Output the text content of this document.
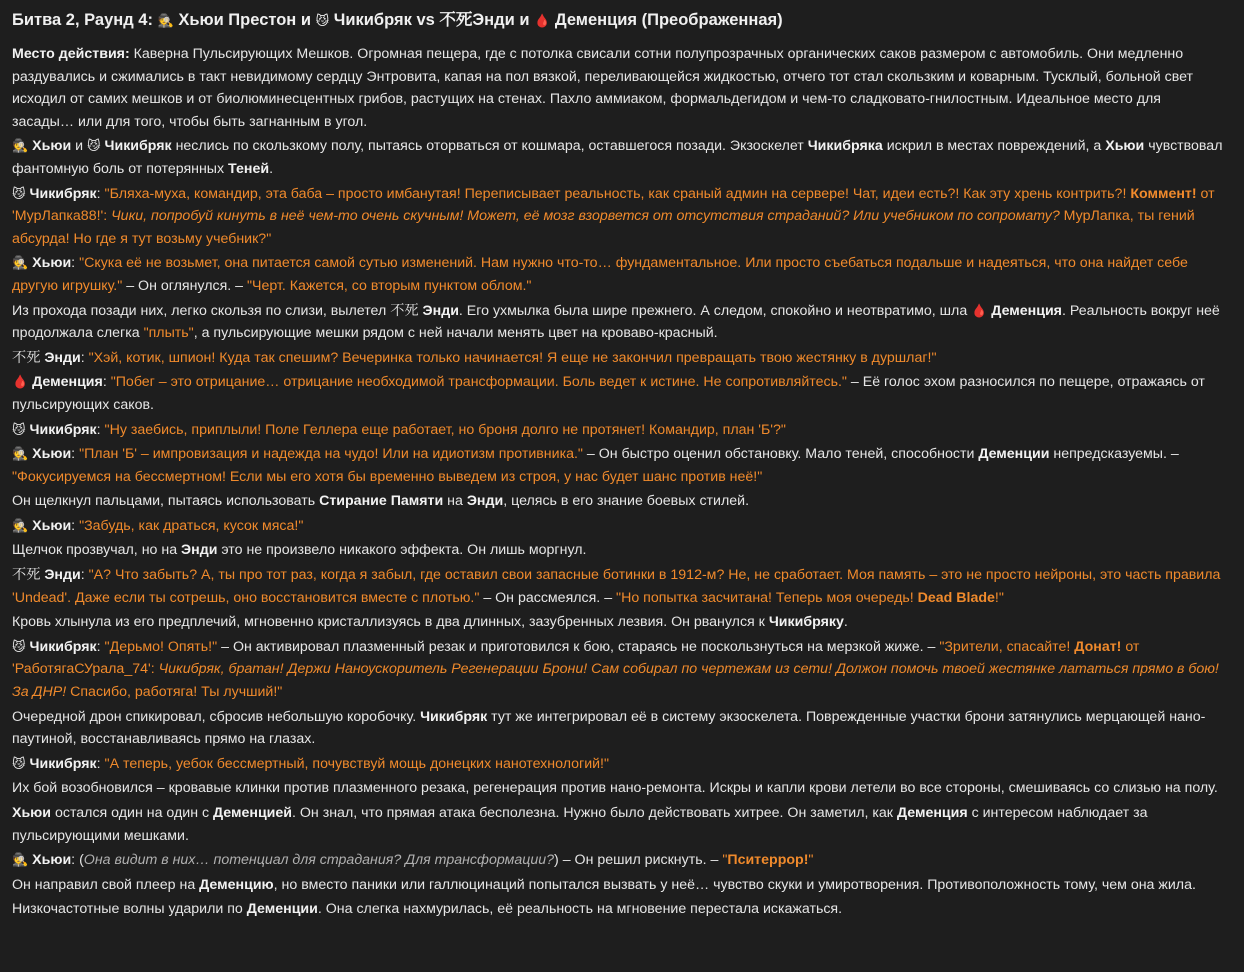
Битва 2, Раунд 4: 🕵 Хьюи Престон и 😼 Чикибряк vs 不死Энди и 🩸 Деменция (Преображенная)

Место действия: Каверна Пульсирующих Мешков. Огромная пещера, где с потолка свисали сотни полупрозрачных органических саков размером с автомобиль. Они медленно раздувались и сжимались в такт невидимому сердцу Энтровита, капая на пол вязкой, переливающейся жидкостью, отчего тот стал скользким и коварным. Тусклый, больной свет исходил от самих мешков и от биолюминесцентных грибов, растущих на стенах. Пахло аммиаком, формальдегидом и чем-то сладковато-гнилостным. Идеальное место для засады… или для того, чтобы быть загнанным в угол.

🕵 Хьюи и 😼 Чикибряк неслись по скользкому полу, пытаясь оторваться от кошмара, оставшегося позади. Экзоскелет Чикибряка искрил в местах повреждений, а Хьюи чувствовал фантомную боль от потерянных Теней.

😼 Чикибряк: "Бляха-муха, командир, эта баба – просто имбанутая! Переписывает реальность, как сраный админ на сервере! Чат, идеи есть?! Как эту хрень контрить?! Коммент! от 'МурЛапка88!': Чики, попробуй кинуть в неё чем-то очень скучным! Может, её мозг взорвется от отсутствия страданий? Или учебником по сопромату? МурЛапка, ты гений абсурда! Но где я тут возьму учебник?"

🕵 Хьюи: "Скука её не возьмет, она питается самой сутью изменений. Нам нужно что-то… фундаментальное. Или просто съебаться подальше и надеяться, что она найдет себе другую игрушку." – Он оглянулся. – "Черт. Кажется, со вторым пунктом облом."

Из прохода позади них, легко скользя по слизи, вылетел 不死 Энди. Его ухмылка была шире прежнего. А следом, спокойно и неотвратимо, шла 🩸 Деменция. Реальность вокруг неё продолжала слегка "плыть", а пульсирующие мешки рядом с ней начали менять цвет на кроваво-красный.

不死 Энди: "Хэй, котик, шпион! Куда так спешим? Вечеринка только начинается! Я еще не закончил превращать твою жестянку в дуршлаг!"

🩸 Деменция: "Побег – это отрицание… отрицание необходимой трансформации. Боль ведет к истине. Не сопротивляйтесь." – Её голос эхом разносился по пещере, отражаясь от пульсирующих саков.

😼 Чикибряк: "Ну заебись, приплыли! Поле Геллера еще работает, но броня долго не протянет! Командир, план 'Б'?"

🕵 Хьюи: "План 'Б' – импровизация и надежда на чудо! Или на идиотизм противника." – Он быстро оценил обстановку. Мало теней, способности Деменции непредсказуемы. – "Фокусируемся на бессмертном! Если мы его хотя бы временно выведем из строя, у нас будет шанс против неё!"

Он щелкнул пальцами, пытаясь использовать Стирание Памяти на Энди, целясь в его знание боевых стилей.

🕵 Хьюи: "Забудь, как драться, кусок мяса!"

Щелчок прозвучал, но на Энди это не произвело никакого эффекта. Он лишь моргнул.

不死 Энди: "А? Что забыть? А, ты про тот раз, когда я забыл, где оставил свои запасные ботинки в 1912-м? Не, не сработает. Моя память – это не просто нейроны, это часть правила 'Undead'. Даже если ты сотрешь, оно восстановится вместе с плотью." – Он рассмеялся. – "Но попытка засчитана! Теперь моя очередь! Dead Blade!"

Кровь хлынула из его предплечий, мгновенно кристаллизуясь в два длинных, зазубренных лезвия. Он рванулся к Чикибряку.

😼 Чикибряк: "Дерьмо! Опять!" – Он активировал плазменный резак и приготовился к бою, стараясь не поскользнуться на мерзкой жиже. – "Зрители, спасайте! Донат! от 'РаботягаСУрала_74': Чикибряк, братан! Держи Наноускоритель Регенерации Брони! Сам собирал по чертежам из сети! Должон помочь твоей жестянке лататься прямо в бою! За ДНР! Спасибо, работяга! Ты лучший!"

Очередной дрон спикировал, сбросив небольшую коробочку. Чикибряк тут же интегрировал её в систему экзоскелета. Поврежденные участки брони затянулись мерцающей нано-паутиной, восстанавливаясь прямо на глазах.

😼 Чикибряк: "А теперь, уебок бессмертный, почувствуй мощь донецких нанотехнологий!"

Их бой возобновился – кровавые клинки против плазменного резака, регенерация против нано-ремонта. Искры и капли крови летели во все стороны, смешиваясь со слизью на полу.

Хьюи остался один на один с Деменцией. Он знал, что прямая атака бесполезна. Нужно было действовать хитрее. Он заметил, как Деменция с интересом наблюдает за пульсирующими мешками.

🕵 Хьюи: (Она видит в них… потенциал для страдания? Для трансформации?) – Он решил рискнуть. – "Пситеррор!"

Он направил свой плеер на Деменцию, но вместо паники или галлюцинаций попытался вызвать у неё… чувство скуки и умиротворения. Противоположность тому, чем она жила.

Низкочастотные волны ударили по Деменции. Она слегка нахмурилась, её реальность на мгновение перестала искажаться.
